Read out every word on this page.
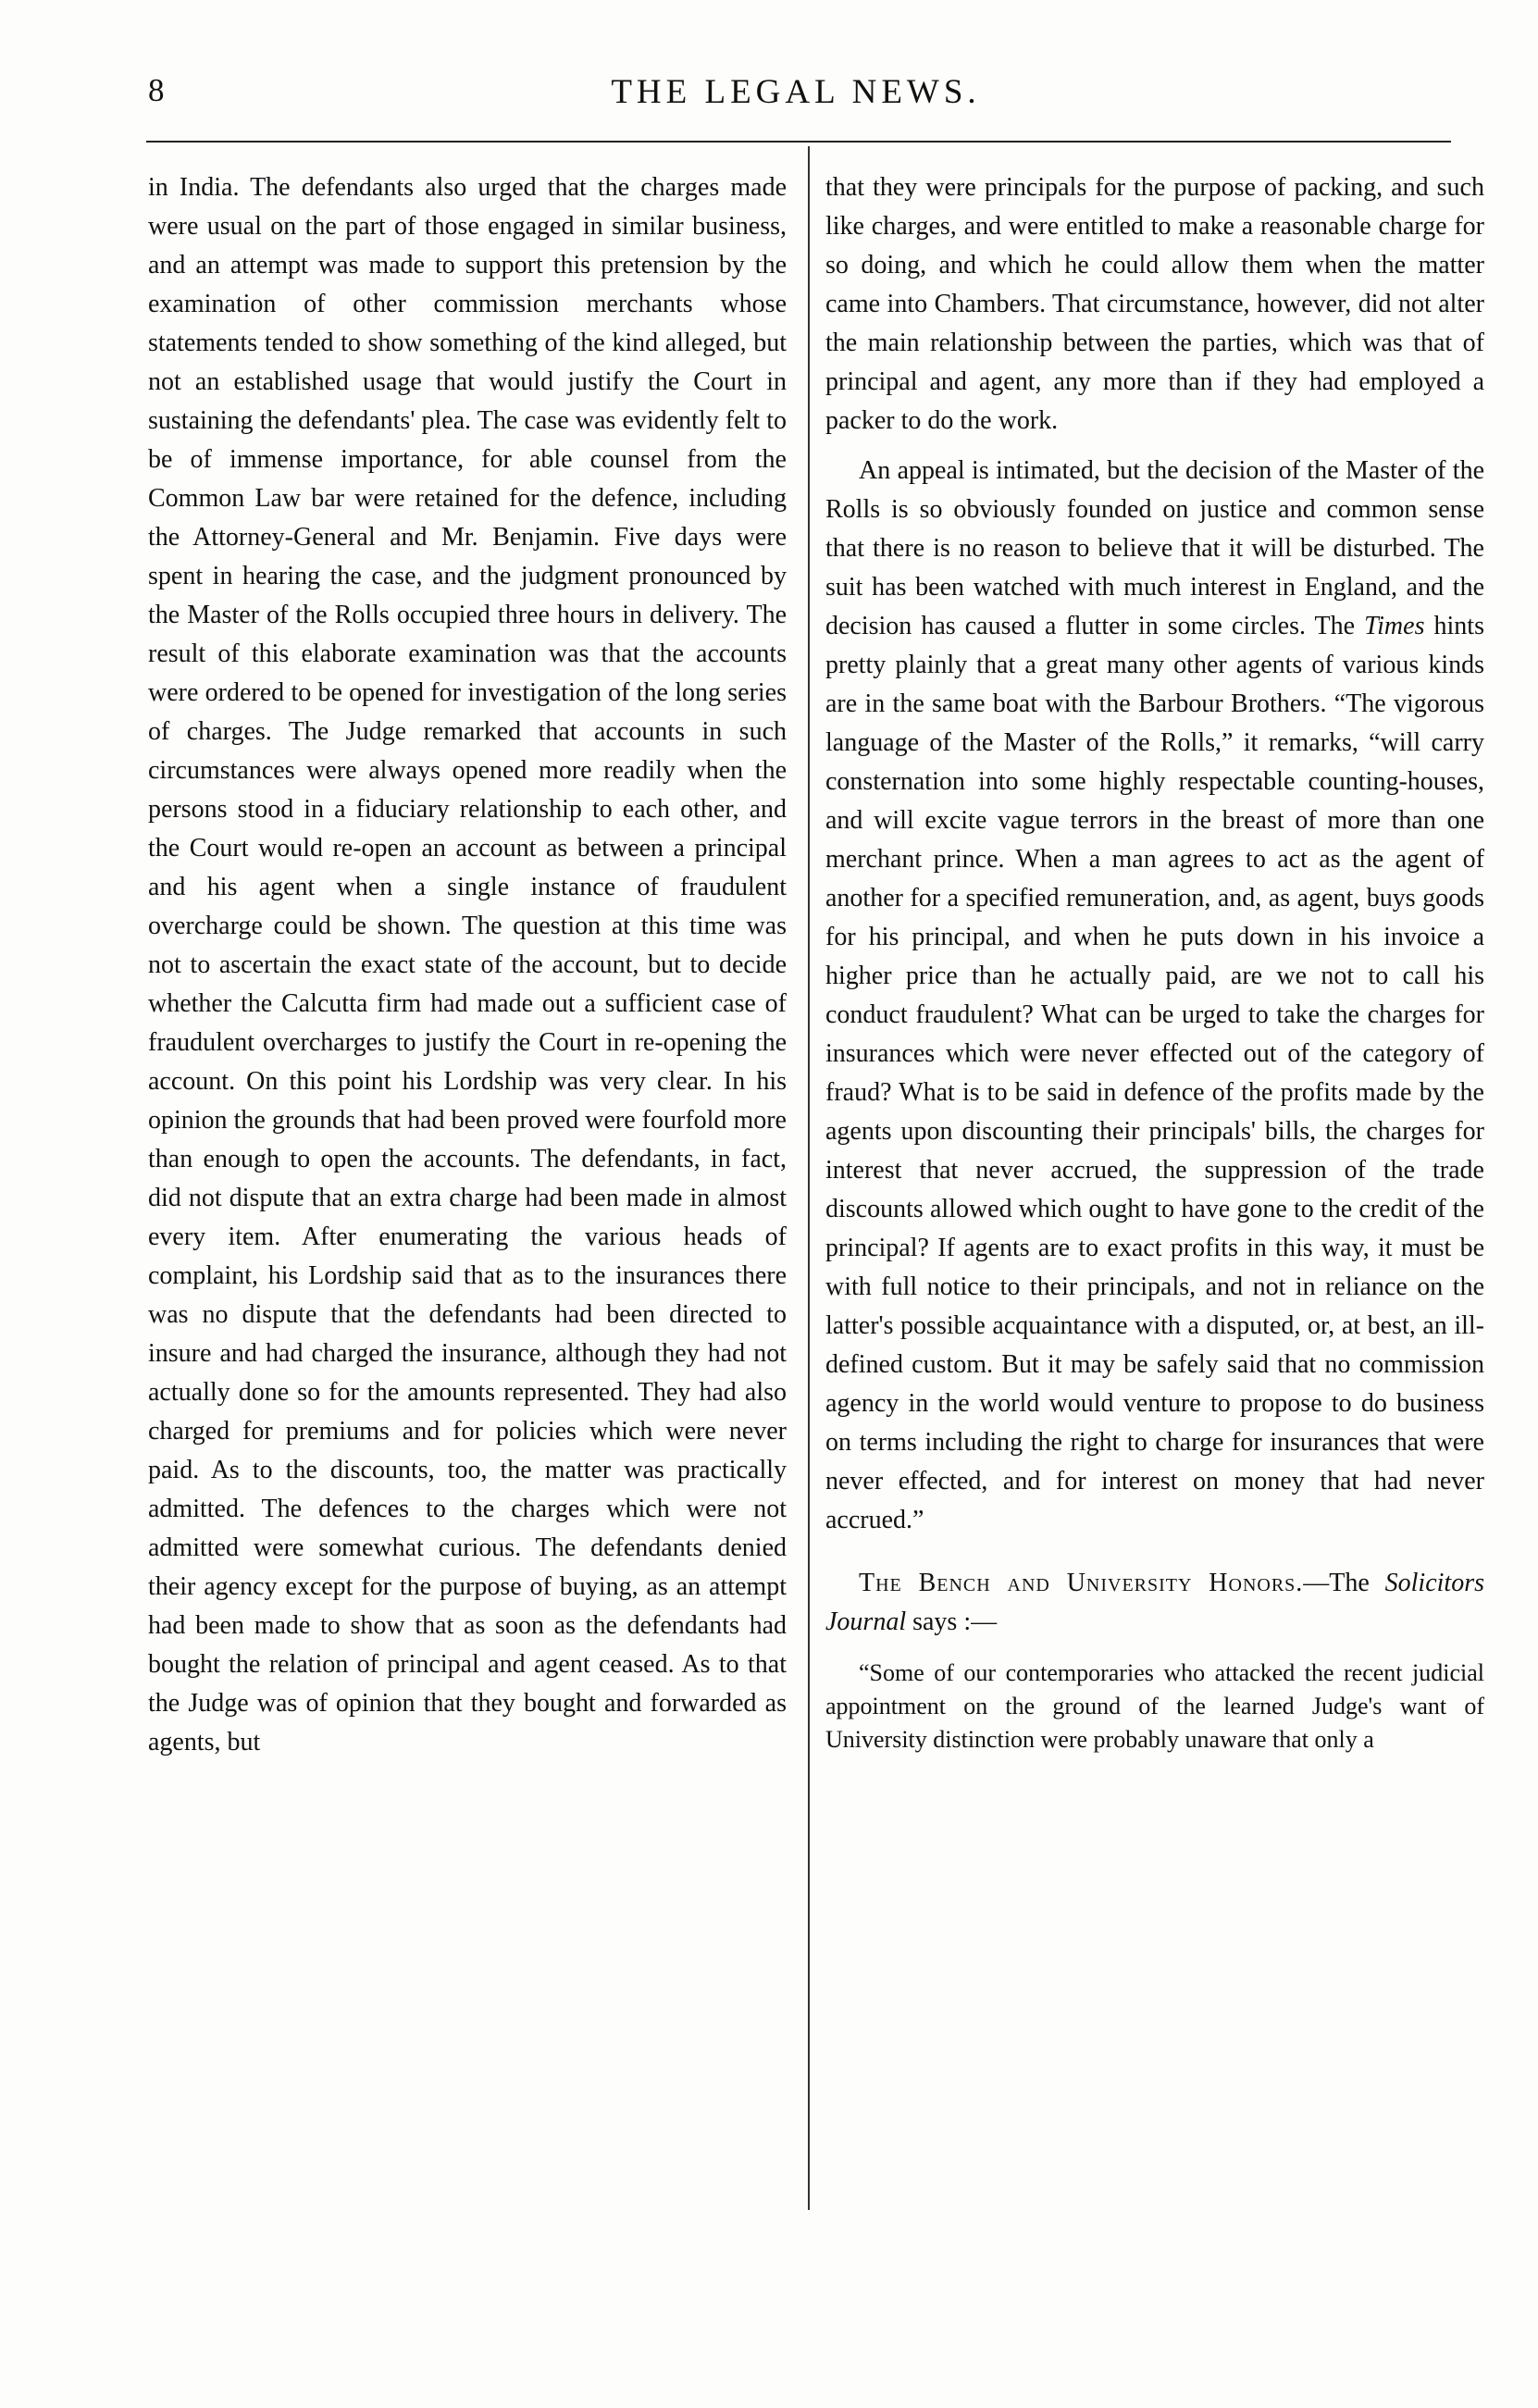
8	THE LEGAL NEWS.

in India. The defendants also urged that the charges made were usual on the part of those engaged in similar business, and an attempt was made to support this pretension by the examination of other commission merchants whose statements tended to show something of the kind alleged, but not an established usage that would justify the Court in sustaining the defendants' plea. The case was evidently felt to be of immense importance, for able counsel from the Common Law bar were retained for the defence, including the Attorney-General and Mr. Benjamin. Five days were spent in hearing the case, and the judgment pronounced by the Master of the Rolls occupied three hours in delivery. The result of this elaborate examination was that the accounts were ordered to be opened for investigation of the long series of charges. The Judge remarked that accounts in such circumstances were always opened more readily when the persons stood in a fiduciary relationship to each other, and the Court would re-open an account as between a principal and his agent when a single instance of fraudulent overcharge could be shown. The question at this time was not to ascertain the exact state of the account, but to decide whether the Calcutta firm had made out a sufficient case of fraudulent overcharges to justify the Court in re-opening the account. On this point his Lordship was very clear. In his opinion the grounds that had been proved were fourfold more than enough to open the accounts. The defendants, in fact, did not dispute that an extra charge had been made in almost every item. After enumerating the various heads of complaint, his Lordship said that as to the insurances there was no dispute that the defendants had been directed to insure and had charged the insurance, although they had not actually done so for the amounts represented. They had also charged for premiums and for policies which were never paid. As to the discounts, too, the matter was practically admitted. The defences to the charges which were not admitted were somewhat curious. The defendants denied their agency except for the purpose of buying, as an attempt had been made to show that as soon as the defendants had bought the relation of principal and agent ceased. As to that the Judge was of opinion that they bought and forwarded as agents, but

that they were principals for the purpose of packing, and such like charges, and were entitled to make a reasonable charge for so doing, and which he could allow them when the matter came into Chambers. That circumstance, however, did not alter the main relationship between the parties, which was that of principal and agent, any more than if they had employed a packer to do the work.

An appeal is intimated, but the decision of the Master of the Rolls is so obviously founded on justice and common sense that there is no reason to believe that it will be disturbed. The suit has been watched with much interest in England, and the decision has caused a flutter in some circles. The Times hints pretty plainly that a great many other agents of various kinds are in the same boat with the Barbour Brothers. “The vigorous language of the Master of the Rolls,” it remarks, “will carry consternation into some highly respectable counting-houses, and will excite vague terrors in the breast of more than one merchant prince. When a man agrees to act as the agent of another for a specified remuneration, and, as agent, buys goods for his principal, and when he puts down in his invoice a higher price than he actually paid, are we not to call his conduct fraudulent? What can be urged to take the charges for insurances which were never effected out of the category of fraud? What is to be said in defence of the profits made by the agents upon discounting their principals' bills, the charges for interest that never accrued, the suppression of the trade discounts allowed which ought to have gone to the credit of the principal? If agents are to exact profits in this way, it must be with full notice to their principals, and not in reliance on the latter's possible acquaintance with a disputed, or, at best, an ill-defined custom. But it may be safely said that no commission agency in the world would venture to propose to do business on terms including the right to charge for insurances that were never effected, and for interest on money that had never accrued.”

The Bench and University Honors.—The Solicitors Journal says :—

“Some of our contemporaries who attacked the recent judicial appointment on the ground of the learned Judge's want of University distinction were probably unaware that only a
